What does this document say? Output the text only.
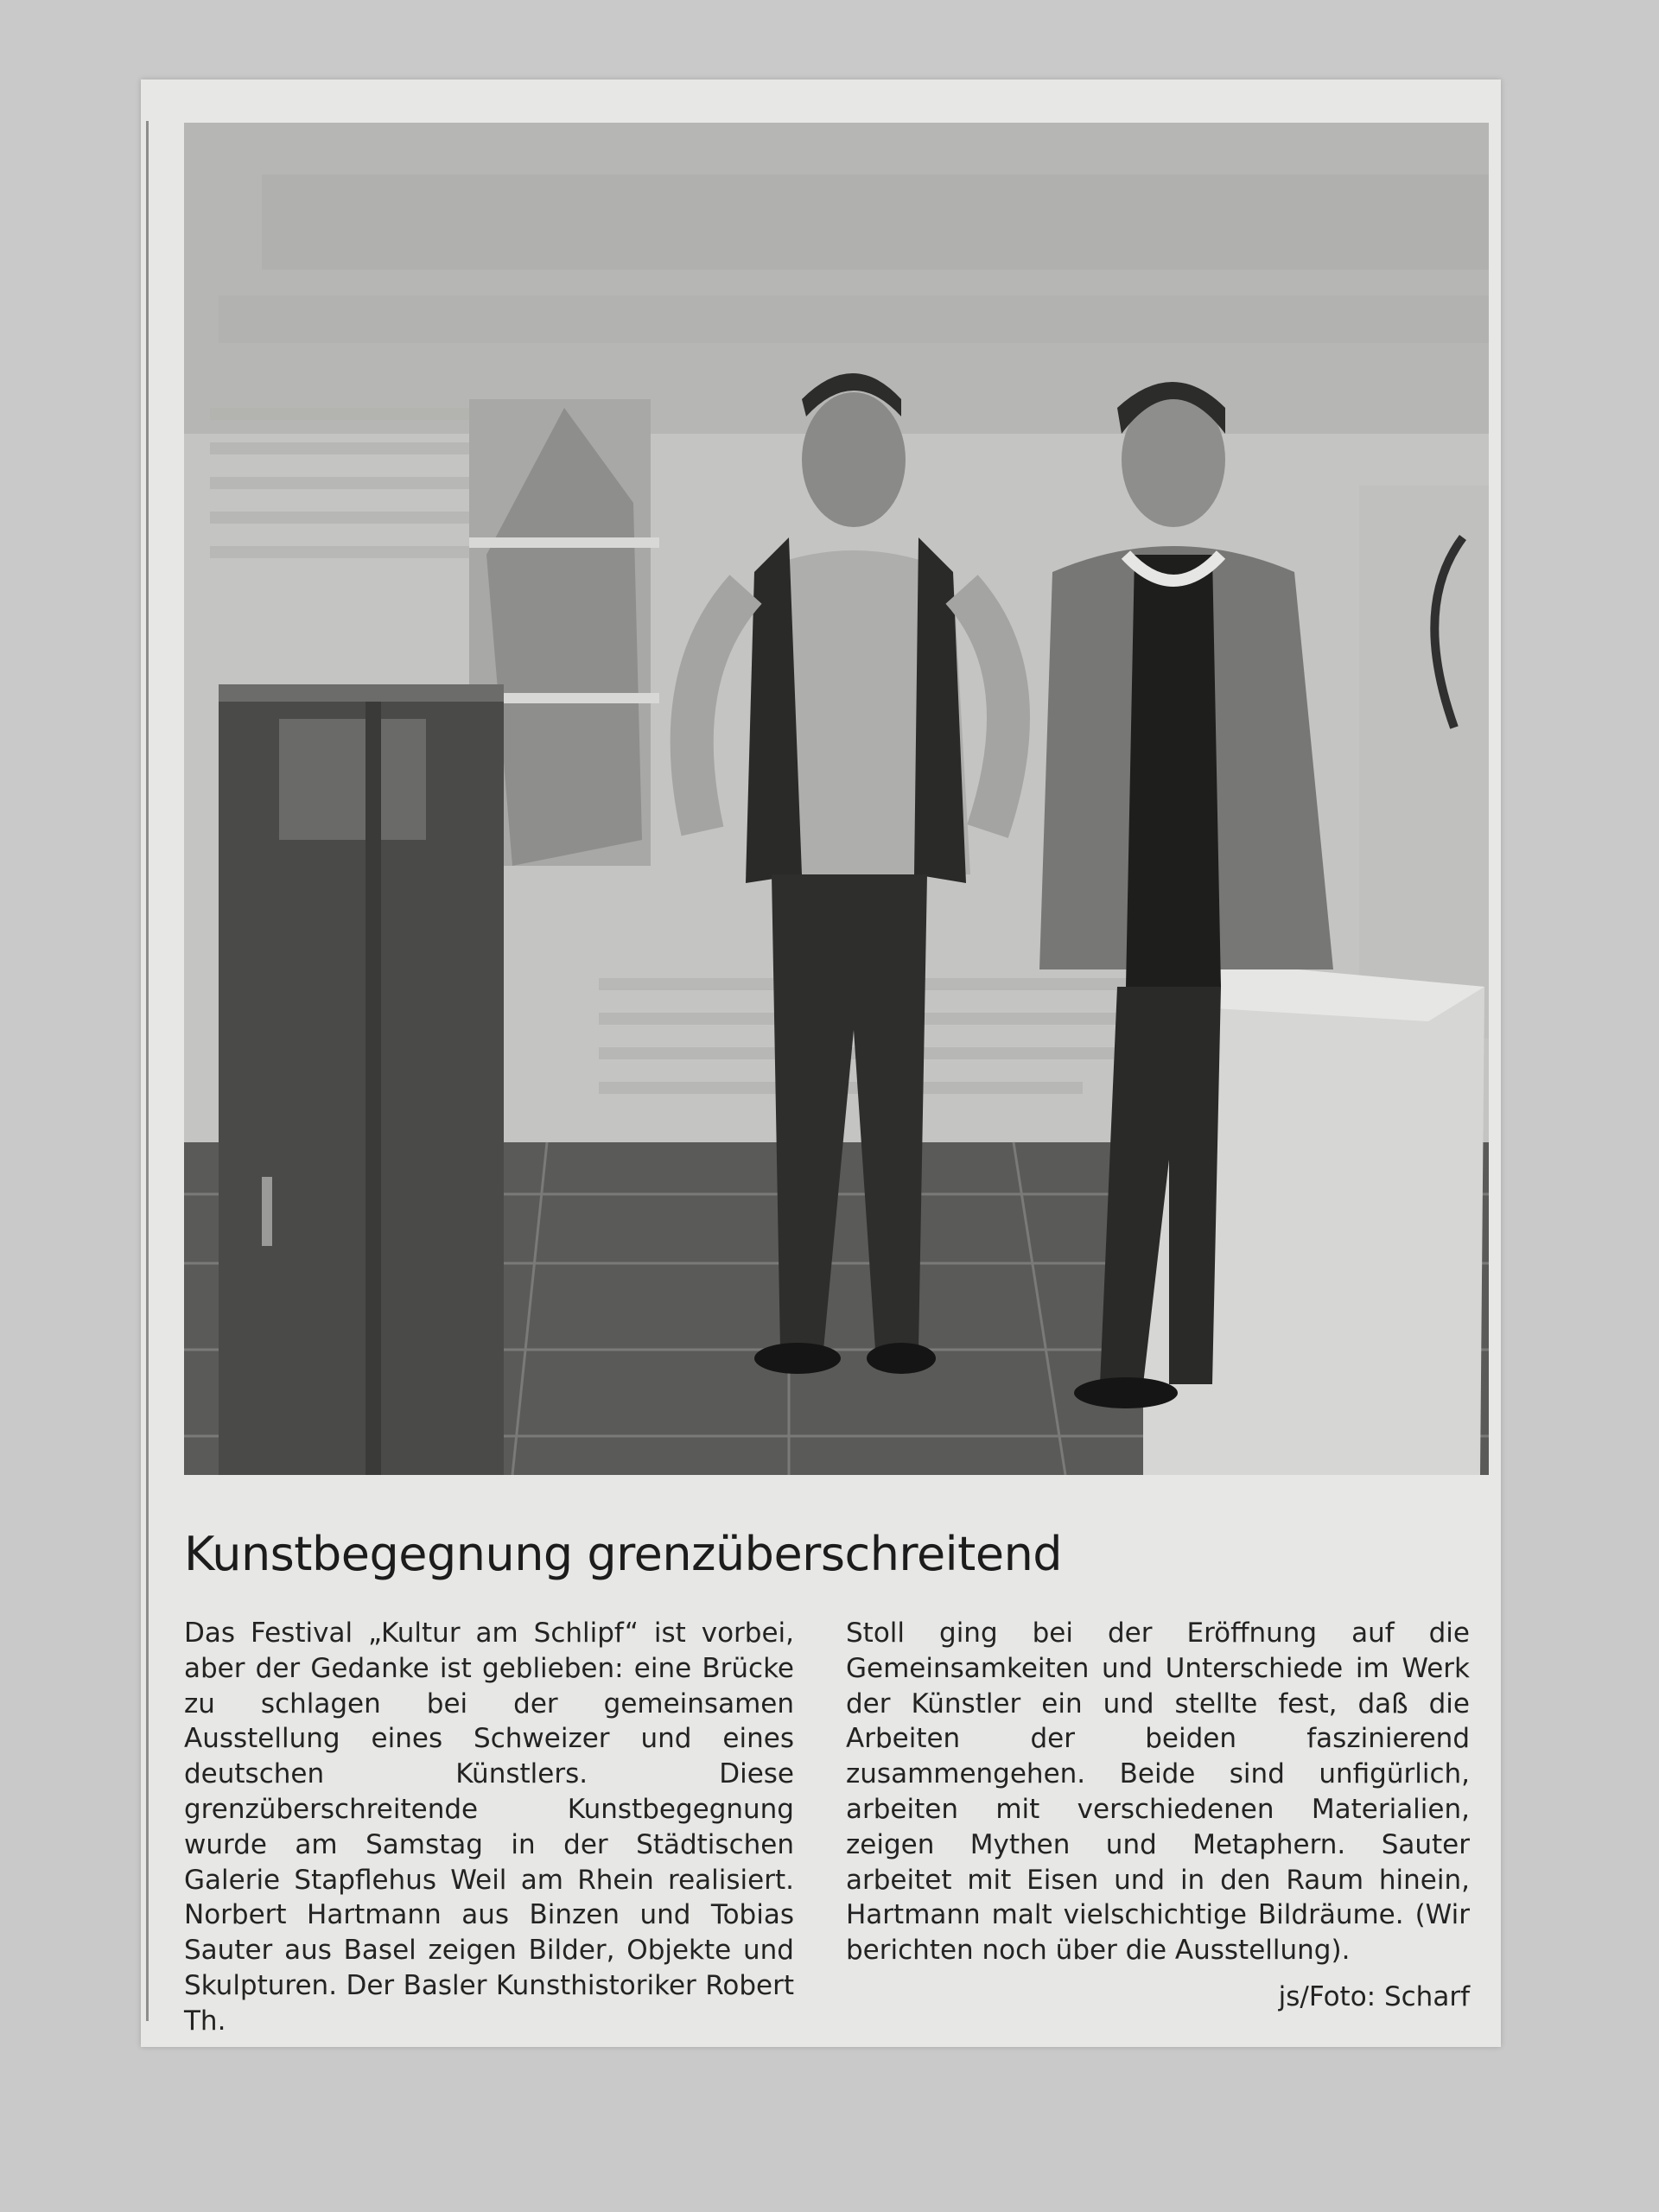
Kunstbegegnung grenzüberschreitend

Das Festival „Kultur am Schlipf“ ist vorbei, aber der Gedanke ist geblieben: eine Brücke zu schlagen bei der gemeinsamen Ausstellung eines Schweizer und eines deutschen Künstlers. Diese grenzüberschreitende Kunstbegegnung wurde am Samstag in der Städtischen Galerie Stapflehus Weil am Rhein realisiert. Norbert Hartmann aus Binzen und Tobias Sauter aus Basel zeigen Bilder, Objekte und Skulpturen. Der Basler Kunsthistoriker Robert Th.

Stoll ging bei der Eröffnung auf die Gemeinsamkeiten und Unterschiede im Werk der Künstler ein und stellte fest, daß die Arbeiten der beiden faszinierend zusammengehen. Beide sind unfigürlich, arbeiten mit verschiedenen Materialien, zeigen Mythen und Metaphern. Sauter arbeitet mit Eisen und in den Raum hinein, Hartmann malt vielschichtige Bildräume. (Wir berichten noch über die Ausstellung).

js/Foto: Scharf
